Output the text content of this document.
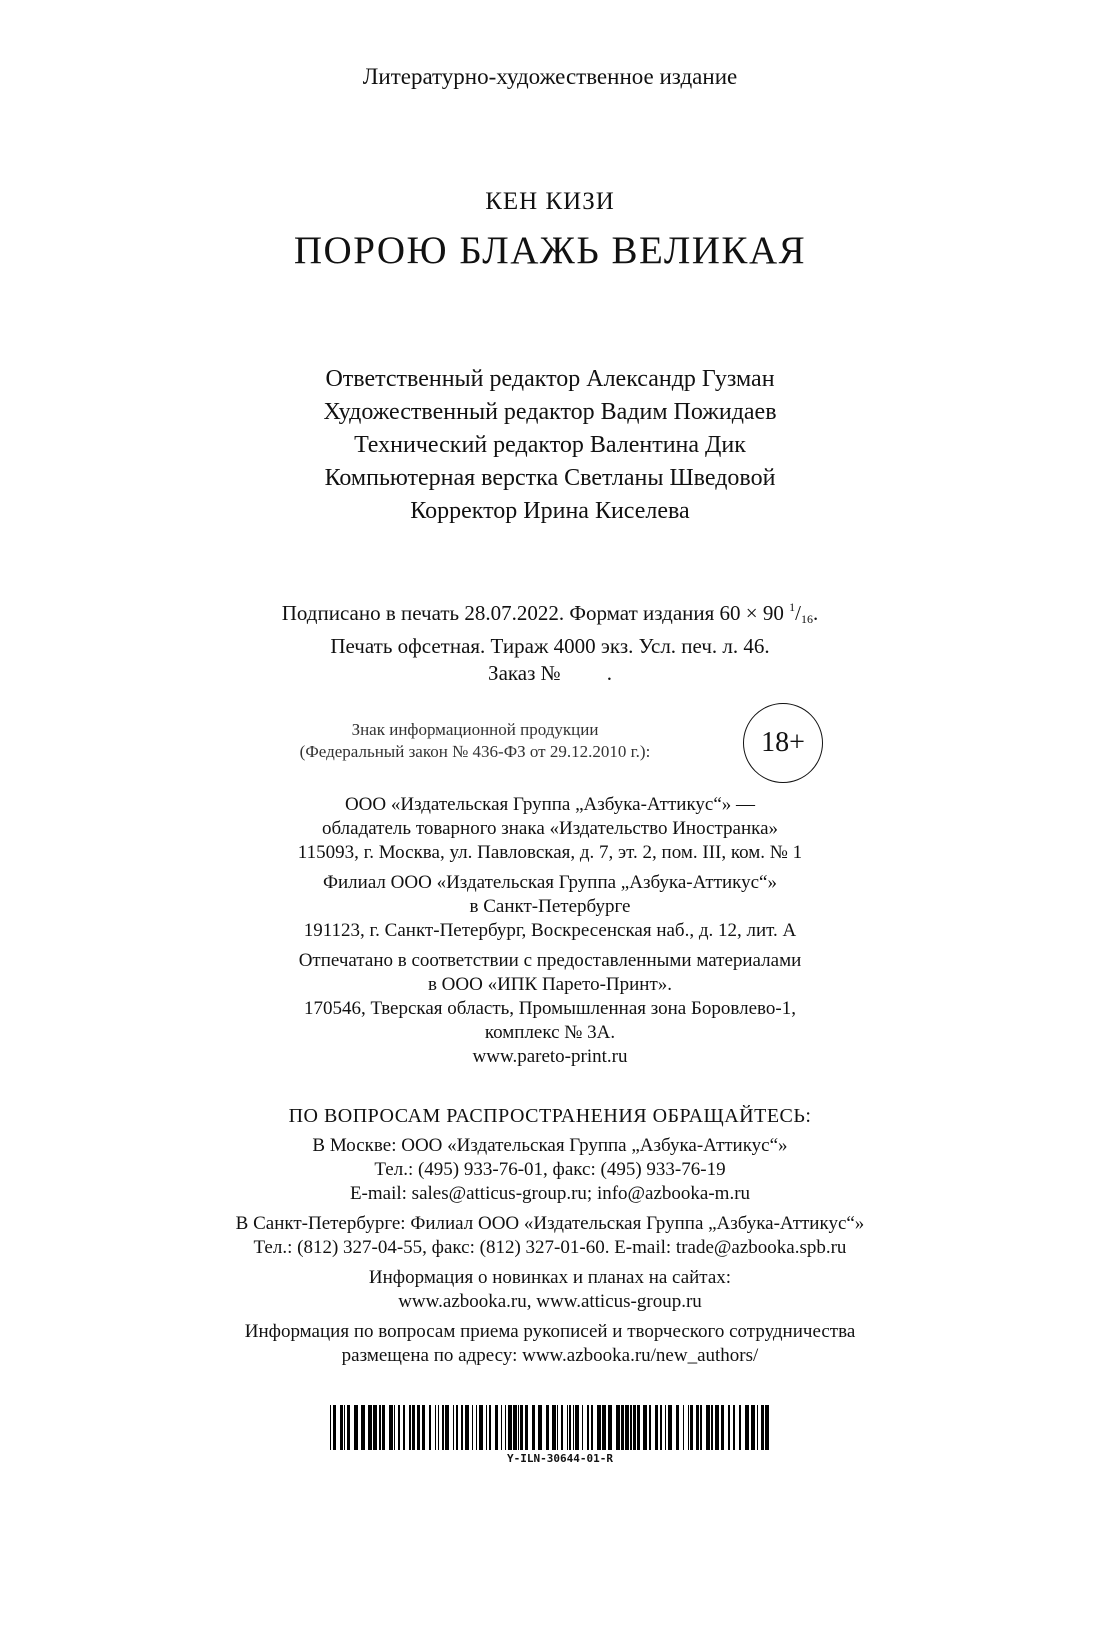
Литературно-художественное издание
КЕН КИЗИ
ПОРОЮ БЛАЖЬ ВЕЛИКАЯ
Ответственный редактор Александр Гузман
Художественный редактор Вадим Пожидаев
Технический редактор Валентина Дик
Компьютерная верстка Светланы Шведовой
Корректор Ирина Киселева
Подписано в печать 28.07.2022. Формат издания 60 × 90 $^1/_{16}$.
Печать офсетная. Тираж 4000 экз. Усл. печ. л. 46.
Заказ № .
Знак информационной продукции
(Федеральный закон № 436-ФЗ от 29.12.2010 г.):	18+
ООО «Издательская Группа „Азбука-Аттикус“» —
обладатель товарного знака «Издательство Иностранка»
115093, г. Москва, ул. Павловская, д. 7, эт. 2, пом. III, ком. № 1
Филиал ООО «Издательская Группа „Азбука-Аттикус“»
в Санкт-Петербурге
191123, г. Санкт-Петербург, Воскресенская наб., д. 12, лит. А
Отпечатано в соответствии с предоставленными материалами
в ООО «ИПК Парето-Принт».
170546, Тверская область, Промышленная зона Боровлево-1,
комплекс № 3А.
www.pareto-print.ru
ПО ВОПРОСАМ РАСПРОСТРАНЕНИЯ ОБРАЩАЙТЕСЬ:
В Москве: ООО «Издательская Группа „Азбука-Аттикус“»
Тел.: (495) 933-76-01, факс: (495) 933-76-19
E-mail: sales@atticus-group.ru; info@azbooka-m.ru
В Санкт-Петербурге: Филиал ООО «Издательская Группа „Азбука-Аттикус“»
Тел.: (812) 327-04-55, факс: (812) 327-01-60. E-mail: trade@azbooka.spb.ru
Информация о новинках и планах на сайтах:
www.azbooka.ru, www.atticus-group.ru
Информация по вопросам приема рукописей и творческого сотрудничества
размещена по адресу: www.azbooka.ru/new_authors/
Y-ILN-30644-01-R
